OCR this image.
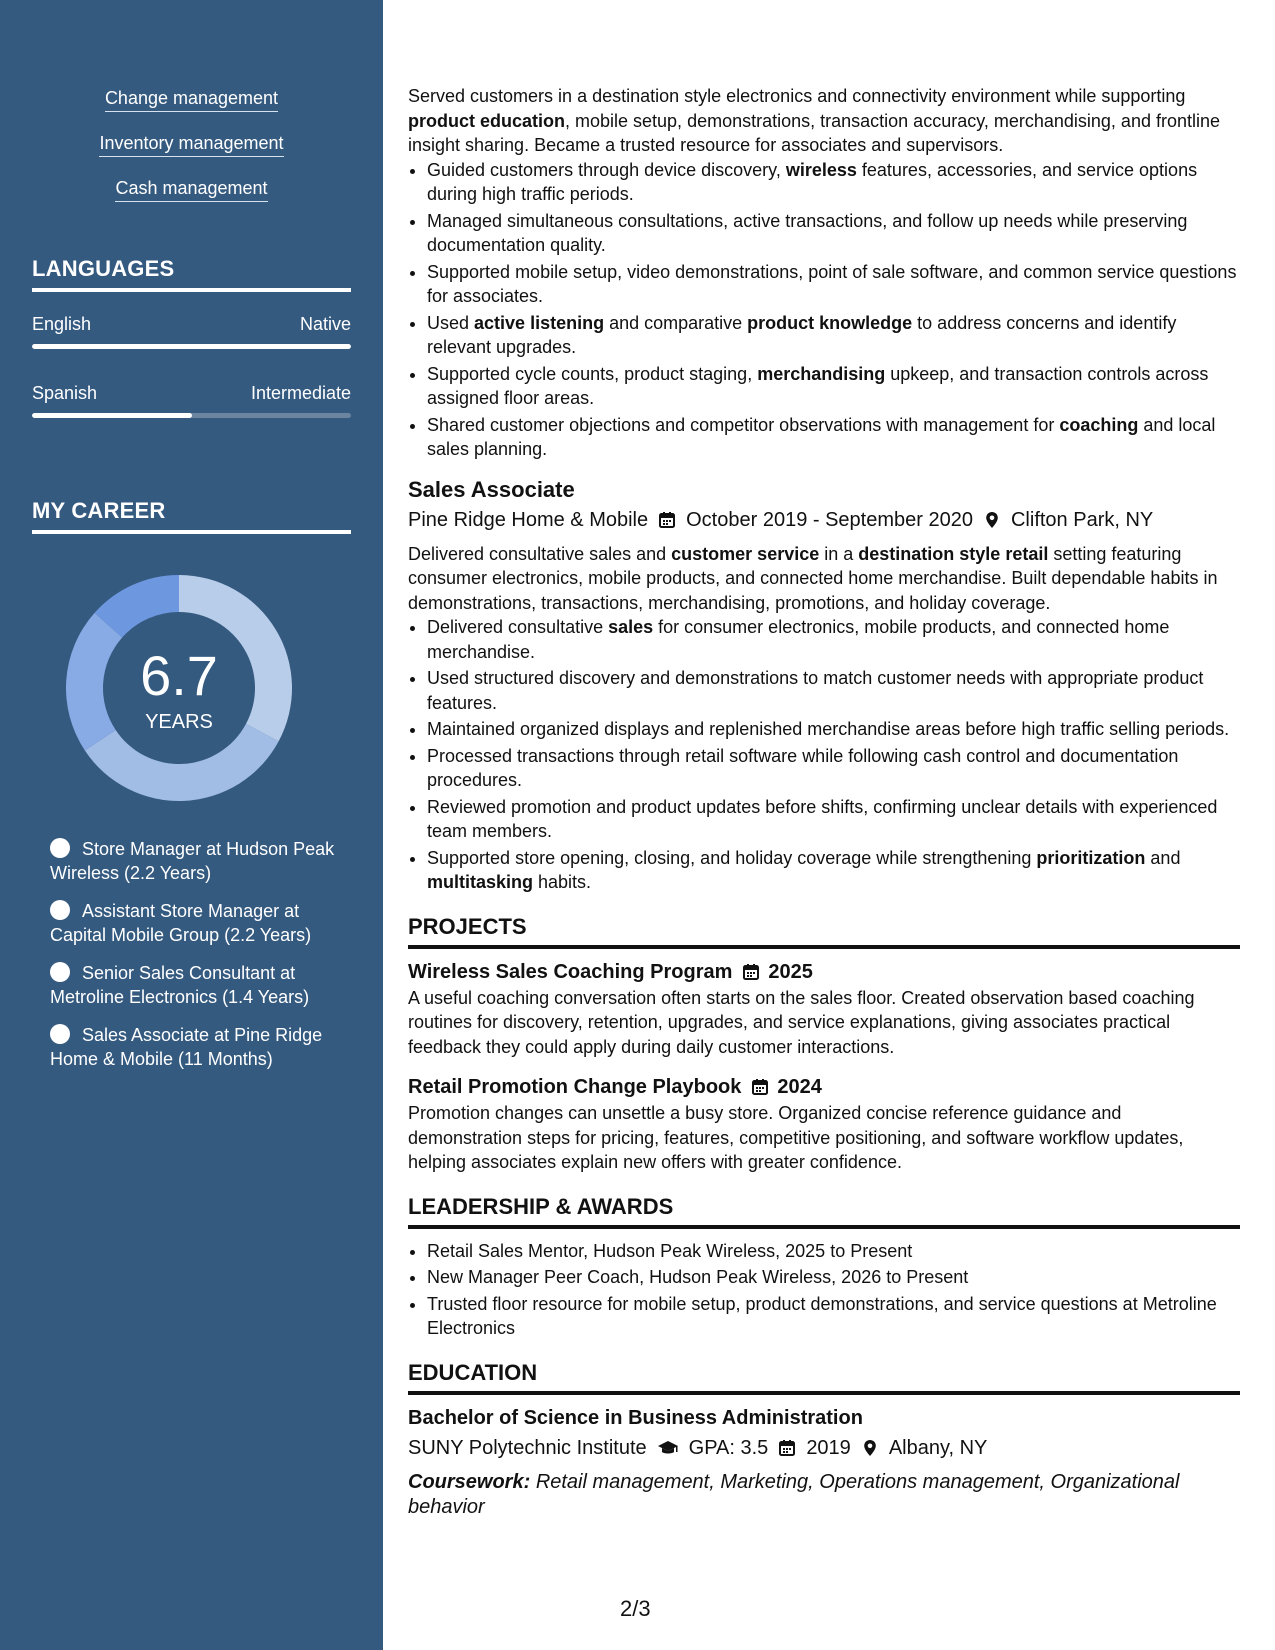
Change management
Inventory management
Cash management
LANGUAGES
English	Native
Spanish	Intermediate
MY CAREER
6.7
YEARS
Store Manager at Hudson Peak Wireless (2.2 Years)
Assistant Store Manager at Capital Mobile Group (2.2 Years)
Senior Sales Consultant at Metroline Electronics (1.4 Years)
Sales Associate at Pine Ridge Home & Mobile (11 Months)

Served customers in a destination style electronics and connectivity environment while supporting product education, mobile setup, demonstrations, transaction accuracy, merchandising, and frontline insight sharing. Became a trusted resource for associates and supervisors.

• Guided customers through device discovery, wireless features, accessories, and service options during high traffic periods.
• Managed simultaneous consultations, active transactions, and follow up needs while preserving documentation quality.
• Supported mobile setup, video demonstrations, point of sale software, and common service questions for associates.
• Used active listening and comparative product knowledge to address concerns and identify relevant upgrades.
• Supported cycle counts, product staging, merchandising upkeep, and transaction controls across assigned floor areas.
• Shared customer objections and competitor observations with management for coaching and local sales planning.
Sales Associate
Pine Ridge Home & Mobile October 2019 - September 2020 Clifton Park, NY

Delivered consultative sales and customer service in a destination style retail setting featuring consumer electronics, mobile products, and connected home merchandise. Built dependable habits in demonstrations, transactions, merchandising, promotions, and holiday coverage.

• Delivered consultative sales for consumer electronics, mobile products, and connected home merchandise.
• Used structured discovery and demonstrations to match customer needs with appropriate product features.
• Maintained organized displays and replenished merchandise areas before high traffic selling periods.
• Processed transactions through retail software while following cash control and documentation procedures.
• Reviewed promotion and product updates before shifts, confirming unclear details with experienced team members.
• Supported store opening, closing, and holiday coverage while strengthening prioritization and multitasking habits.
PROJECTS
Wireless Sales Coaching Program 2025

A useful coaching conversation often starts on the sales floor. Created observation based coaching routines for discovery, retention, upgrades, and service explanations, giving associates practical feedback they could apply during daily customer interactions.

Retail Promotion Change Playbook 2024

Promotion changes can unsettle a busy store. Organized concise reference guidance and demonstration steps for pricing, features, competitive positioning, and software workflow updates, helping associates explain new offers with greater confidence.

LEADERSHIP & AWARDS
• Retail Sales Mentor, Hudson Peak Wireless, 2025 to Present
• New Manager Peer Coach, Hudson Peak Wireless, 2026 to Present
• Trusted floor resource for mobile setup, product demonstrations, and service questions at Metroline Electronics
EDUCATION
Bachelor of Science in Business Administration
SUNY Polytechnic Institute GPA: 3.5 2019 Albany, NY
Coursework: Retail management, Marketing, Operations management, Organizational behavior
2/3
